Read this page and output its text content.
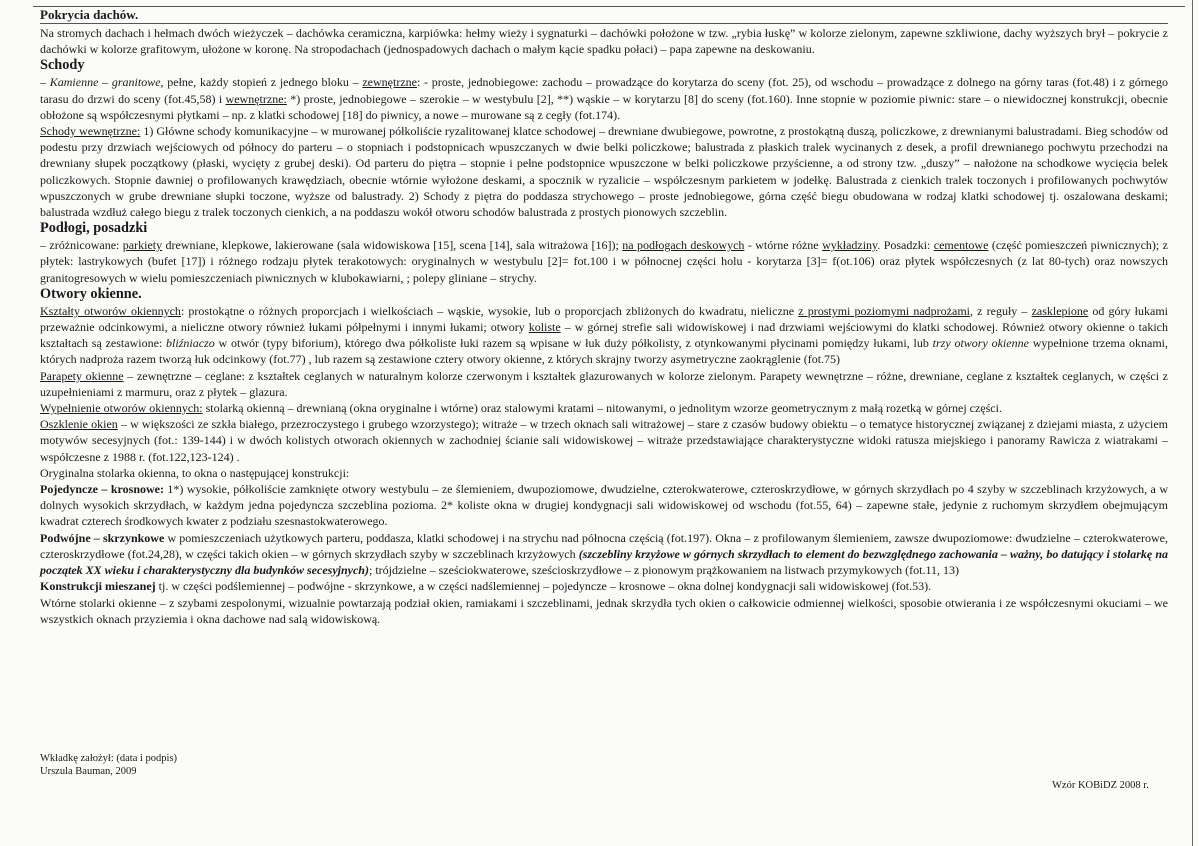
Pokrycia dachów.

Na stromych dachach i hełmach dwóch wieżyczek – dachówka ceramiczna, karpiówka: hełmy wieży i sygnaturki – dachówki położone w tzw. „rybia łuskę” w kolorze zielonym, zapewne szkliwione, dachy wyższych brył – pokrycie z dachówki w kolorze grafitowym, ułożone w koronę. Na stropodachach (jednospadowych dachach o małym kącie spadku połaci) – papa zapewne na deskowaniu.

Schody

– Kamienne – granitowe, pełne, każdy stopień z jednego bloku – zewnętrzne: - proste, jednobiegowe: zachodu – prowadzące do korytarza do sceny (fot. 25), od wschodu – prowadzące z dolnego na górny taras (fot.48) i z górnego tarasu do drzwi do sceny (fot.45,58) i wewnętrzne: *) proste, jednobiegowe – szerokie – w westybulu [2], **) wąskie – w korytarzu [8] do sceny (fot.160). Inne stopnie w poziomie piwnic: stare – o niewidocznej konstrukcji, obecnie obłożone są współczesnymi płytkami – np. z klatki schodowej [18] do piwnicy, a nowe – murowane są z cegły (fot.174).

Schody wewnętrzne: 1) Główne schody komunikacyjne – w murowanej półkoliście ryzalitowanej klatce schodowej – drewniane dwubiegowe, powrotne, z prostokątną duszą, policzkowe, z drewnianymi balustradami. Bieg schodów od podestu przy drzwiach wejściowych od północy do parteru – o stopniach i podstopnicach wpuszczanych w dwie belki policzkowe; balustrada z płaskich tralek wycinanych z desek, a profil drewnianego pochwytu przechodzi na drewniany słupek początkowy (płaski, wycięty z grubej deski). Od parteru do piętra – stopnie i pełne podstopnice wpuszczone w belki policzkowe przyścienne, a od strony tzw. „duszy” – nałożone na schodkowe wycięcia belek policzkowych. Stopnie dawniej o profilowanych krawędziach, obecnie wtórnie wyłożone deskami, a spocznik w ryzalicie – współczesnym parkietem w jodełkę. Balustrada z cienkich tralek toczonych i profilowanych pochwytów wpuszczonych w grube drewniane słupki toczone, wyższe od balustrady. 2) Schody z piętra do poddasza strychowego – proste jednobiegowe, górna część biegu obudowana w rodzaj klatki schodowej tj. oszalowana deskami; balustrada wzdłuż całego biegu z tralek toczonych cienkich, a na poddaszu wokół otworu schodów balustrada z prostych pionowych szczeblin.

Podłogi, posadzki

– zróżnicowane: parkiety drewniane, klepkowe, lakierowane (sala widowiskowa [15], scena [14], sala witrażowa [16]); na podłogach deskowych - wtórne różne wykładziny. Posadzki: cementowe (część pomieszczeń piwnicznych); z płytek: lastrykowych (bufet [17]) i różnego rodzaju płytek terakotowych: oryginalnych w westybulu [2]= fot.100 i w północnej części holu - korytarza [3]= f(ot.106) oraz płytek współczesnych (z lat 80-tych) oraz nowszych granitogresowych w wielu pomieszczeniach piwnicznych w klubokawiarni, ; polepy gliniane – strychy.

Otwory okienne.

Kształty otworów okiennych: prostokątne o różnych proporcjach i wielkościach – wąskie, wysokie, lub o proporcjach zbliżonych do kwadratu, nieliczne z prostymi poziomymi nadprożami, z reguły – zasklepione od góry łukami przeważnie odcinkowymi, a nieliczne otwory również łukami półpełnymi i innymi łukami; otwory koliste – w górnej strefie sali widowiskowej i nad drzwiami wejściowymi do klatki schodowej. Również otwory okienne o takich kształtach są zestawione: bliźniaczo w otwór (typy biforium), którego dwa półkoliste łuki razem są wpisane w łuk duży półkolisty, z otynkowanymi płycinami pomiędzy łukami, lub trzy otwory okienne wypełnione trzema oknami, których nadproża razem tworzą łuk odcinkowy (fot.77) , lub razem są zestawione cztery otwory okienne, z których skrajny tworzy asymetryczne zaokrąglenie (fot.75)

Parapety okienne – zewnętrzne – ceglane: z kształtek ceglanych w naturalnym kolorze czerwonym i kształtek glazurowanych w kolorze zielonym. Parapety wewnętrzne – różne, drewniane, ceglane z kształtek ceglanych, w części z uzupełnieniami z marmuru, oraz z płytek – glazura.

Wypełnienie otworów okiennych: stolarką okienną – drewnianą (okna oryginalne i wtórne) oraz stalowymi kratami – nitowanymi, o jednolitym wzorze geometrycznym z małą rozetką w górnej części.

Oszklenie okien – w większości ze szkła białego, przezroczystego i grubego wzorzystego); witraże – w trzech oknach sali witrażowej – stare z czasów budowy obiektu – o tematyce historycznej związanej z dziejami miasta, z użyciem motywów secesyjnych (fot.: 139-144) i w dwóch kolistych otworach okiennych w zachodniej ścianie sali widowiskowej – witraże przedstawiające charakterystyczne widoki ratusza miejskiego i panoramy Rawicza z wiatrakami – współczesne z 1988 r. (fot.122,123-124) .

Oryginalna stolarka okienna, to okna o następującej konstrukcji:

Pojedyncze – krosnowe: 1*) wysokie, półkoliście zamknięte otwory westybulu – ze ślemieniem, dwupoziomowe, dwudzielne, czterokwaterowe, czteroskrzydłowe, w górnych skrzydłach po 4 szyby w szczeblinach krzyżowych, a w dolnych wysokich skrzydłach, w każdym jedna pojedyncza szczeblina pozioma. 2* koliste okna w drugiej kondygnacji sali widowiskowej od wschodu (fot.55, 64) – zapewne stałe, jedynie z ruchomym skrzydłem obejmującym kwadrat czterech środkowych kwater z podziału szesnastokwaterowego.

Podwójne – skrzynkowe w pomieszczeniach użytkowych parteru, poddasza, klatki schodowej i na strychu nad północna częścią (fot.197). Okna – z profilowanym ślemieniem, zawsze dwupoziomowe: dwudzielne – czterokwaterowe, czteroskrzydłowe (fot.24,28), w części takich okien – w górnych skrzydłach szyby w szczeblinach krzyżowych (szczebliny krzyżowe w górnych skrzydłach to element do bezwzględnego zachowania – ważny, bo datujący i stolarkę na początek XX wieku i charakterystyczny dla budynków secesyjnych); trójdzielne – sześciokwaterowe, sześcioskrzydłowe – z pionowym prążkowaniem na listwach przymykowych (fot.11, 13)

Konstrukcji mieszanej tj. w części podślemiennej – podwójne - skrzynkowe, a w części nadślemiennej – pojedyncze – krosnowe – okna dolnej kondygnacji sali widowiskowej (fot.53).

Wtórne stolarki okienne – z szybami zespolonymi, wizualnie powtarzają podział okien, ramiakami i szczeblinami, jednak skrzydła tych okien o całkowicie odmiennej wielkości, sposobie otwierania i ze współczesnymi okuciami – we wszystkich oknach przyziemia i okna dachowe nad salą widowiskową.

Wkładkę założył: (data i podpis)
Urszula Bauman, 2009
Wzór KOBiDZ 2008 r.
